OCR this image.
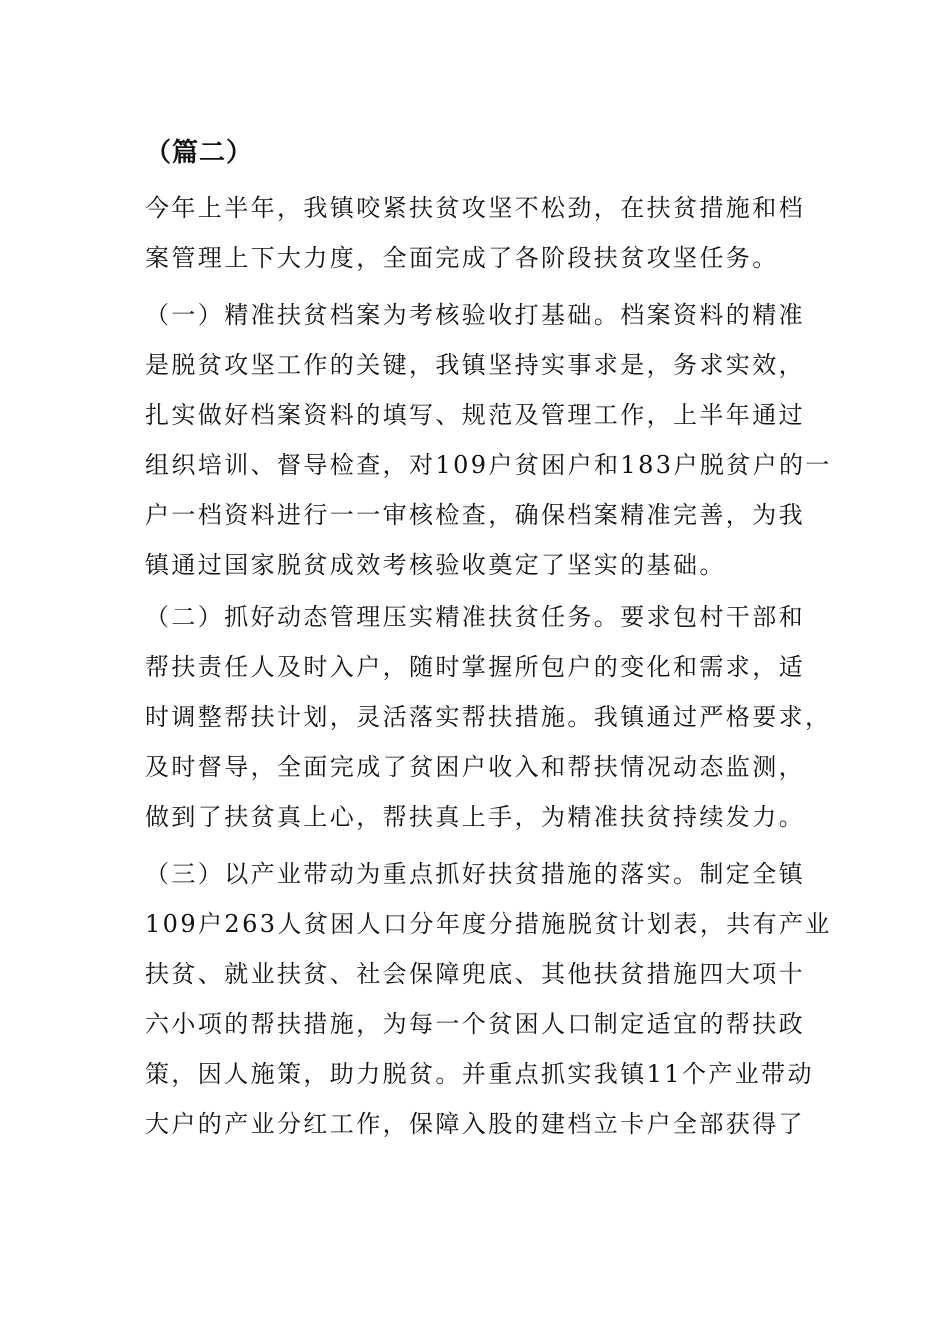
（篇二）
今年上半年，我镇咬紧扶贫攻坚不松劲，在扶贫措施和档
案管理上下大力度，全面完成了各阶段扶贫攻坚任务。
（一）精准扶贫档案为考核验收打基础。档案资料的精准
是脱贫攻坚工作的关键，我镇坚持实事求是，务求实效，
扎实做好档案资料的填写、规范及管理工作，上半年通过
组织培训、督导检查，对109户贫困户和183户脱贫户的一
户一档资料进行一一审核检查，确保档案精准完善，为我
镇通过国家脱贫成效考核验收奠定了坚实的基础。
（二）抓好动态管理压实精准扶贫任务。要求包村干部和
帮扶责任人及时入户，随时掌握所包户的变化和需求，适
时调整帮扶计划，灵活落实帮扶措施。我镇通过严格要求，
及时督导，全面完成了贫困户收入和帮扶情况动态监测，
做到了扶贫真上心，帮扶真上手，为精准扶贫持续发力。
（三）以产业带动为重点抓好扶贫措施的落实。制定全镇
109户263人贫困人口分年度分措施脱贫计划表，共有产业
扶贫、就业扶贫、社会保障兜底、其他扶贫措施四大项十
六小项的帮扶措施，为每一个贫困人口制定适宜的帮扶政
策，因人施策，助力脱贫。并重点抓实我镇11个产业带动
大户的产业分红工作，保障入股的建档立卡户全部获得了
